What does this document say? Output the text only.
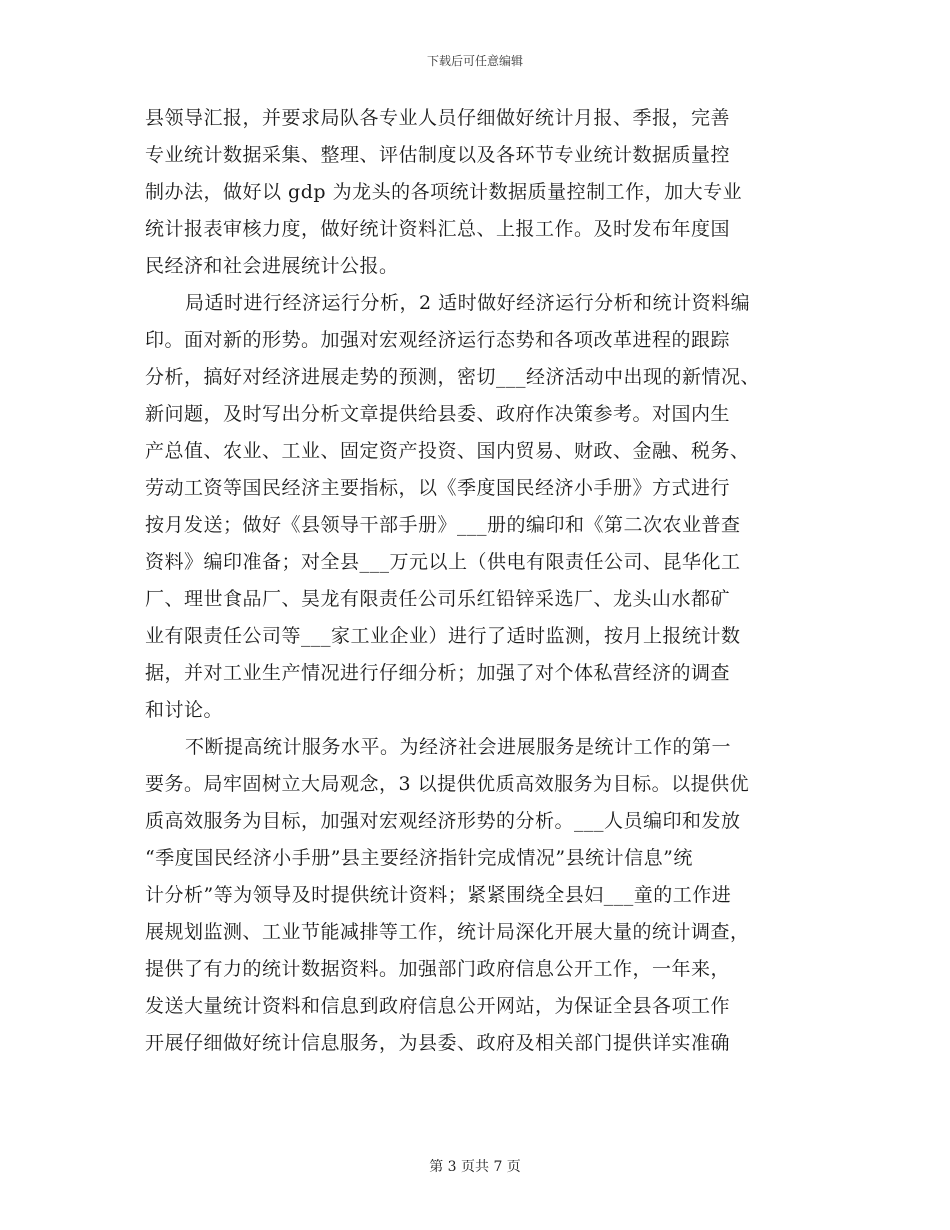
下载后可任意编辑
县领导汇报，并要求局队各专业人员仔细做好统计月报、季报，完善
专业统计数据采集、整理、评估制度以及各环节专业统计数据质量控
制办法，做好以 gdp 为龙头的各项统计数据质量控制工作，加大专业
统计报表审核力度，做好统计资料汇总、上报工作。及时发布年度国
民经济和社会进展统计公报。
局适时进行经济运行分析，2 适时做好经济运行分析和统计资料编
印。面对新的形势。加强对宏观经济运行态势和各项改革进程的跟踪
分析，搞好对经济进展走势的预测，密切___经济活动中出现的新情况、
新问题，及时写出分析文章提供给县委、政府作决策参考。对国内生
产总值、农业、工业、固定资产投资、国内贸易、财政、金融、税务、
劳动工资等国民经济主要指标，以《季度国民经济小手册》方式进行
按月发送；做好《县领导干部手册》___册的编印和《第二次农业普查
资料》编印准备；对全县___万元以上（供电有限责任公司、昆华化工
厂、理世食品厂、昊龙有限责任公司乐红铅锌采选厂、龙头山水都矿
业有限责任公司等___家工业企业）进行了适时监测，按月上报统计数
据，并对工业生产情况进行仔细分析；加强了对个体私营经济的调查
和讨论。
不断提高统计服务水平。为经济社会进展服务是统计工作的第一
要务。局牢固树立大局观念，3 以提供优质高效服务为目标。以提供优
质高效服务为目标，加强对宏观经济形势的分析。___人员编印和发放
“季度国民经济小手册”县主要经济指针完成情况”县统计信息”统
计分析”等为领导及时提供统计资料；紧紧围绕全县妇___童的工作进
展规划监测、工业节能减排等工作，统计局深化开展大量的统计调查，
提供了有力的统计数据资料。加强部门政府信息公开工作，一年来，
发送大量统计资料和信息到政府信息公开网站，为保证全县各项工作
开展仔细做好统计信息服务，为县委、政府及相关部门提供详实准确
第 3 页共 7 页
